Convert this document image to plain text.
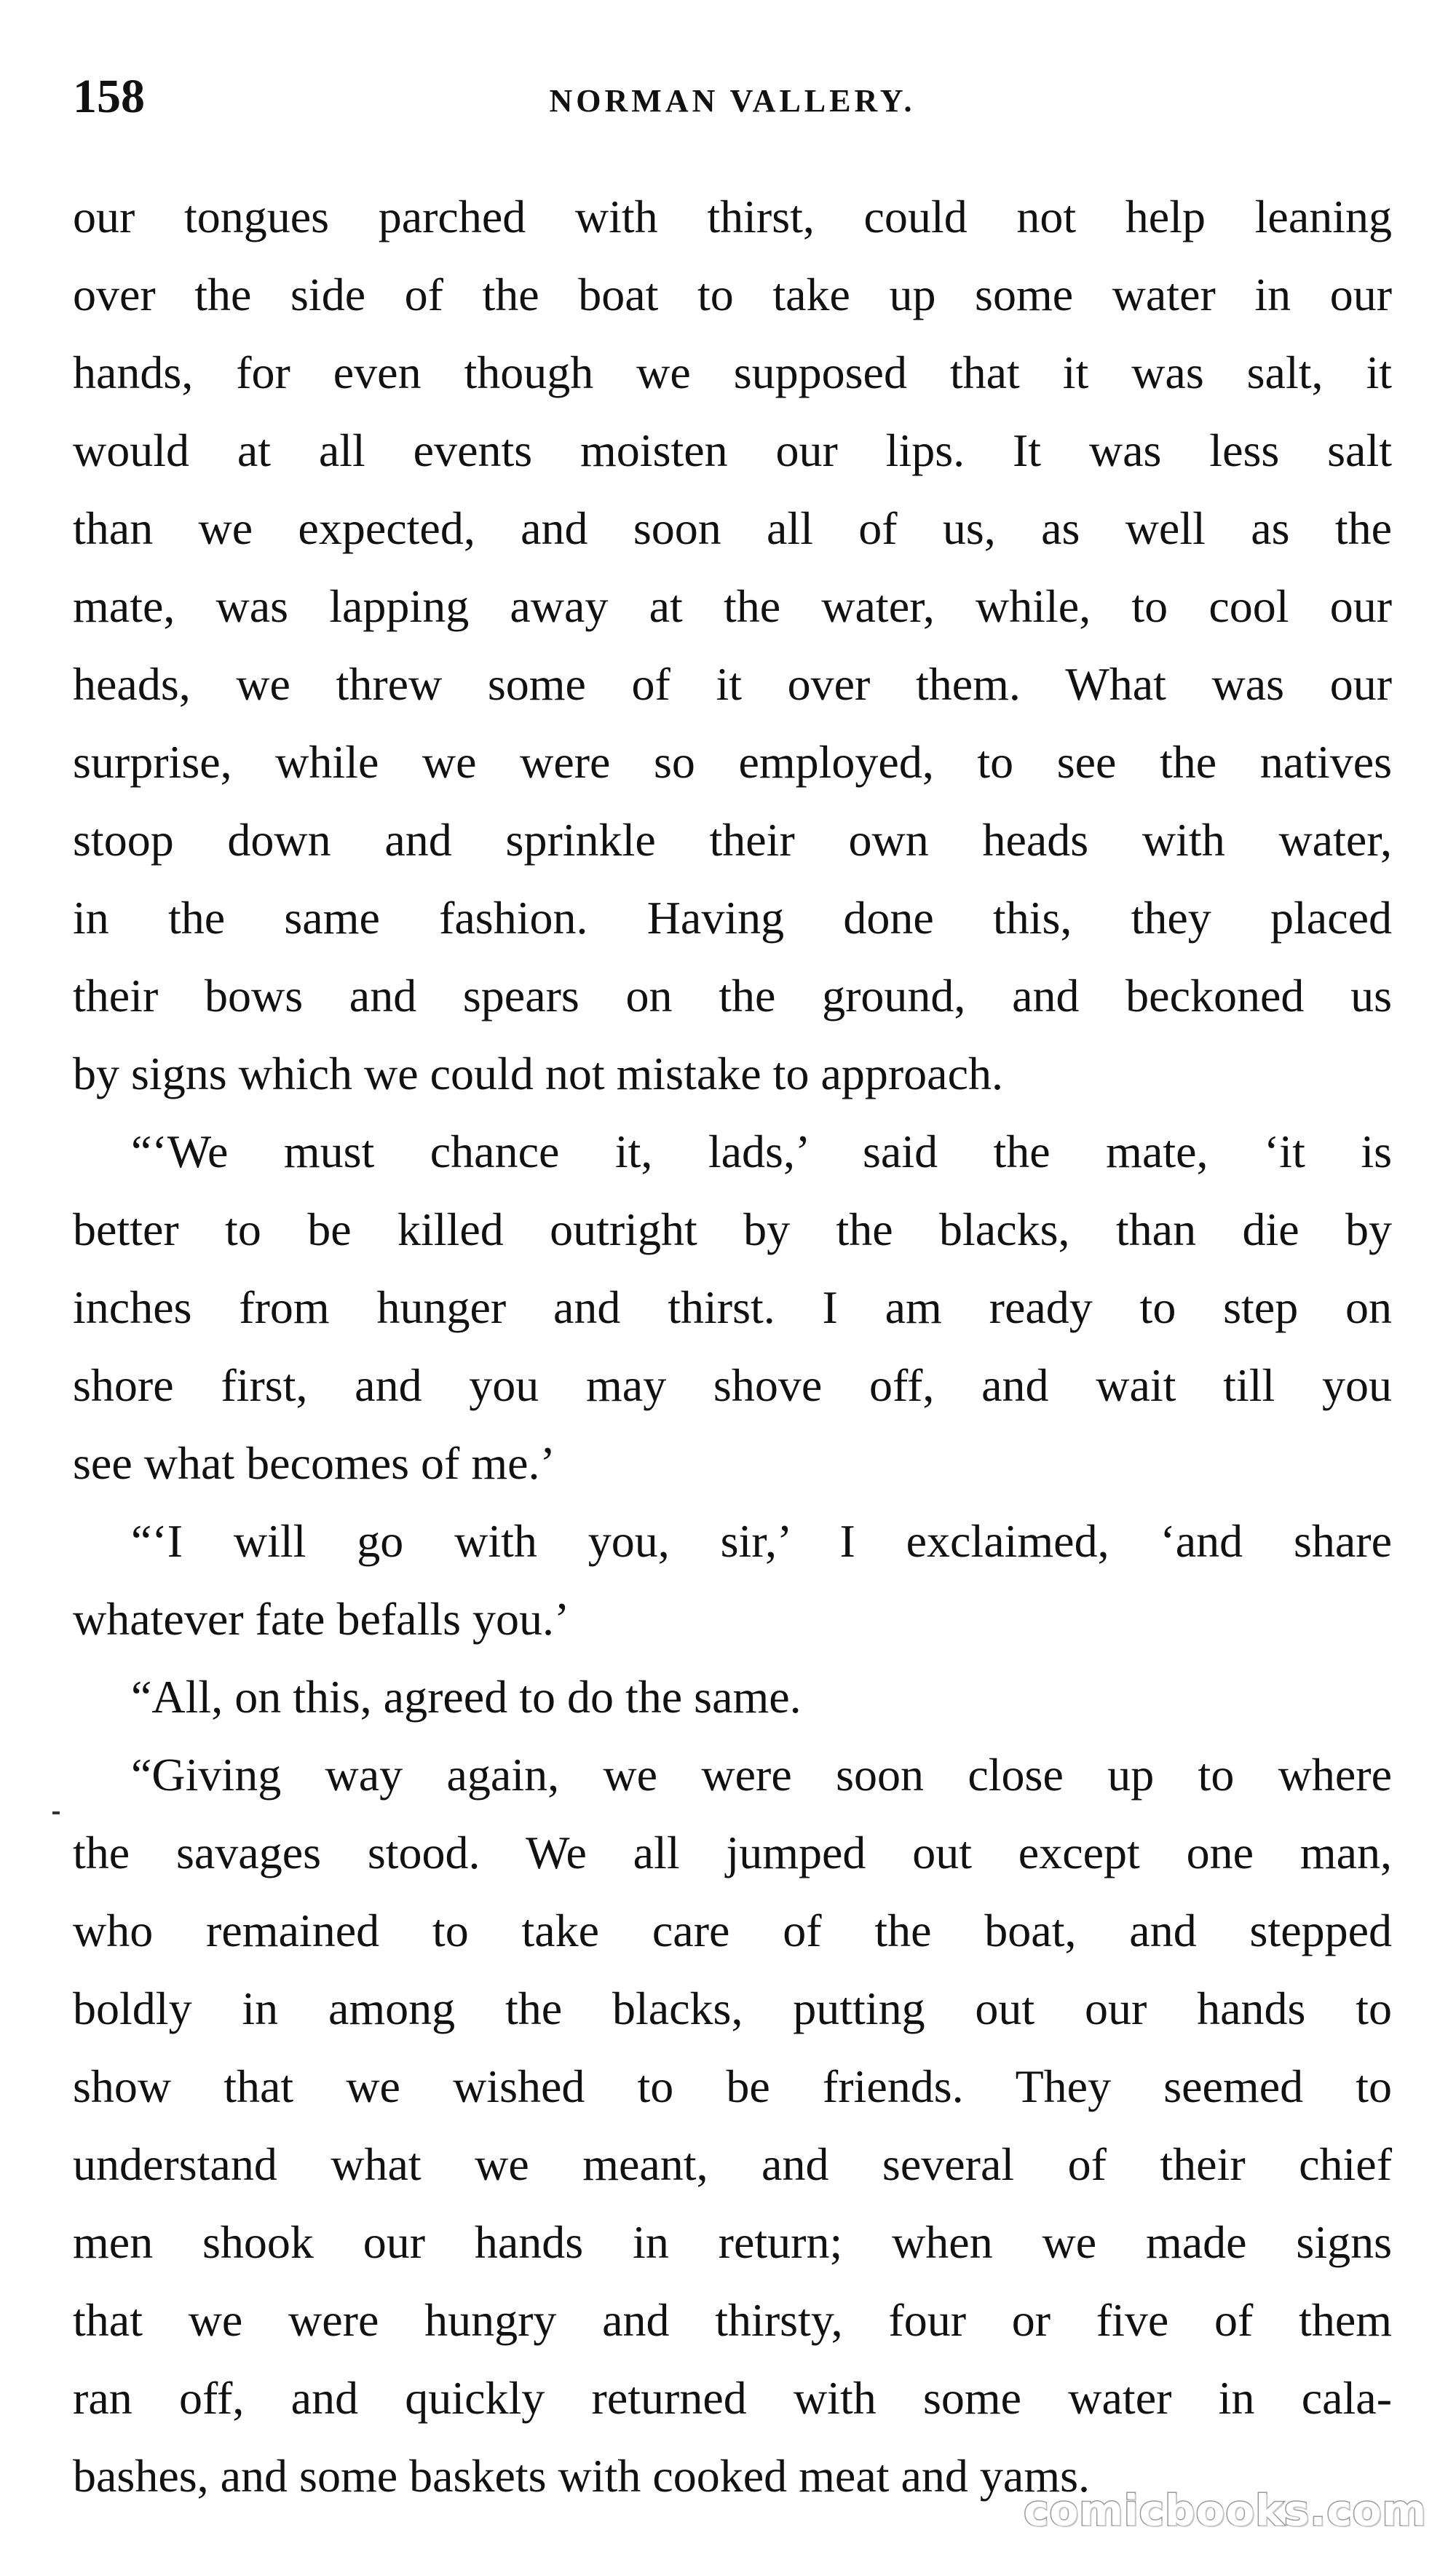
158	NORMAN VALLERY.
our tongues parched with thirst, could not help leaning
over the side of the boat to take up some water in our
hands, for even though we supposed that it was salt, it
would at all events moisten our lips. It was less salt
than we expected, and soon all of us, as well as the
mate, was lapping away at the water, while, to cool our
heads, we threw some of it over them. What was our
surprise, while we were so employed, to see the natives
stoop down and sprinkle their own heads with water,
in the same fashion. Having done this, they placed
their bows and spears on the ground, and beckoned us
by signs which we could not mistake to approach.
“‘We must chance it, lads,’ said the mate, ‘it is
better to be killed outright by the blacks, than die by
inches from hunger and thirst. I am ready to step on
shore first, and you may shove off, and wait till you
see what becomes of me.’
“‘I will go with you, sir,’ I exclaimed, ‘and share
whatever fate befalls you.’
“All, on this, agreed to do the same.
“Giving way again, we were soon close up to where
the savages stood. We all jumped out except one man,
who remained to take care of the boat, and stepped
boldly in among the blacks, putting out our hands to
show that we wished to be friends. They seemed to
understand what we meant, and several of their chief
men shook our hands in return; when we made signs
that we were hungry and thirsty, four or five of them
ran off, and quickly returned with some water in cala-
bashes, and some baskets with cooked meat and yams.
comicbooks.com
